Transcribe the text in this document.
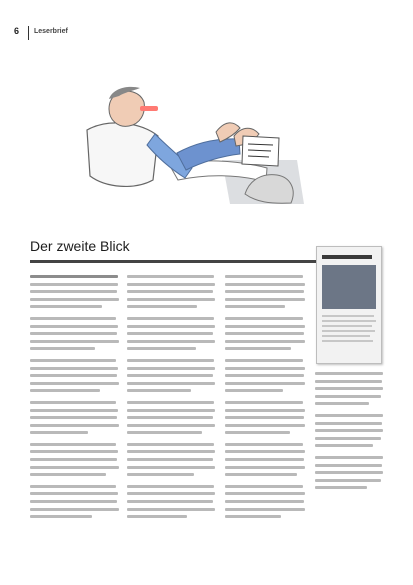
6 Leserbrief
Der zweite Blick
